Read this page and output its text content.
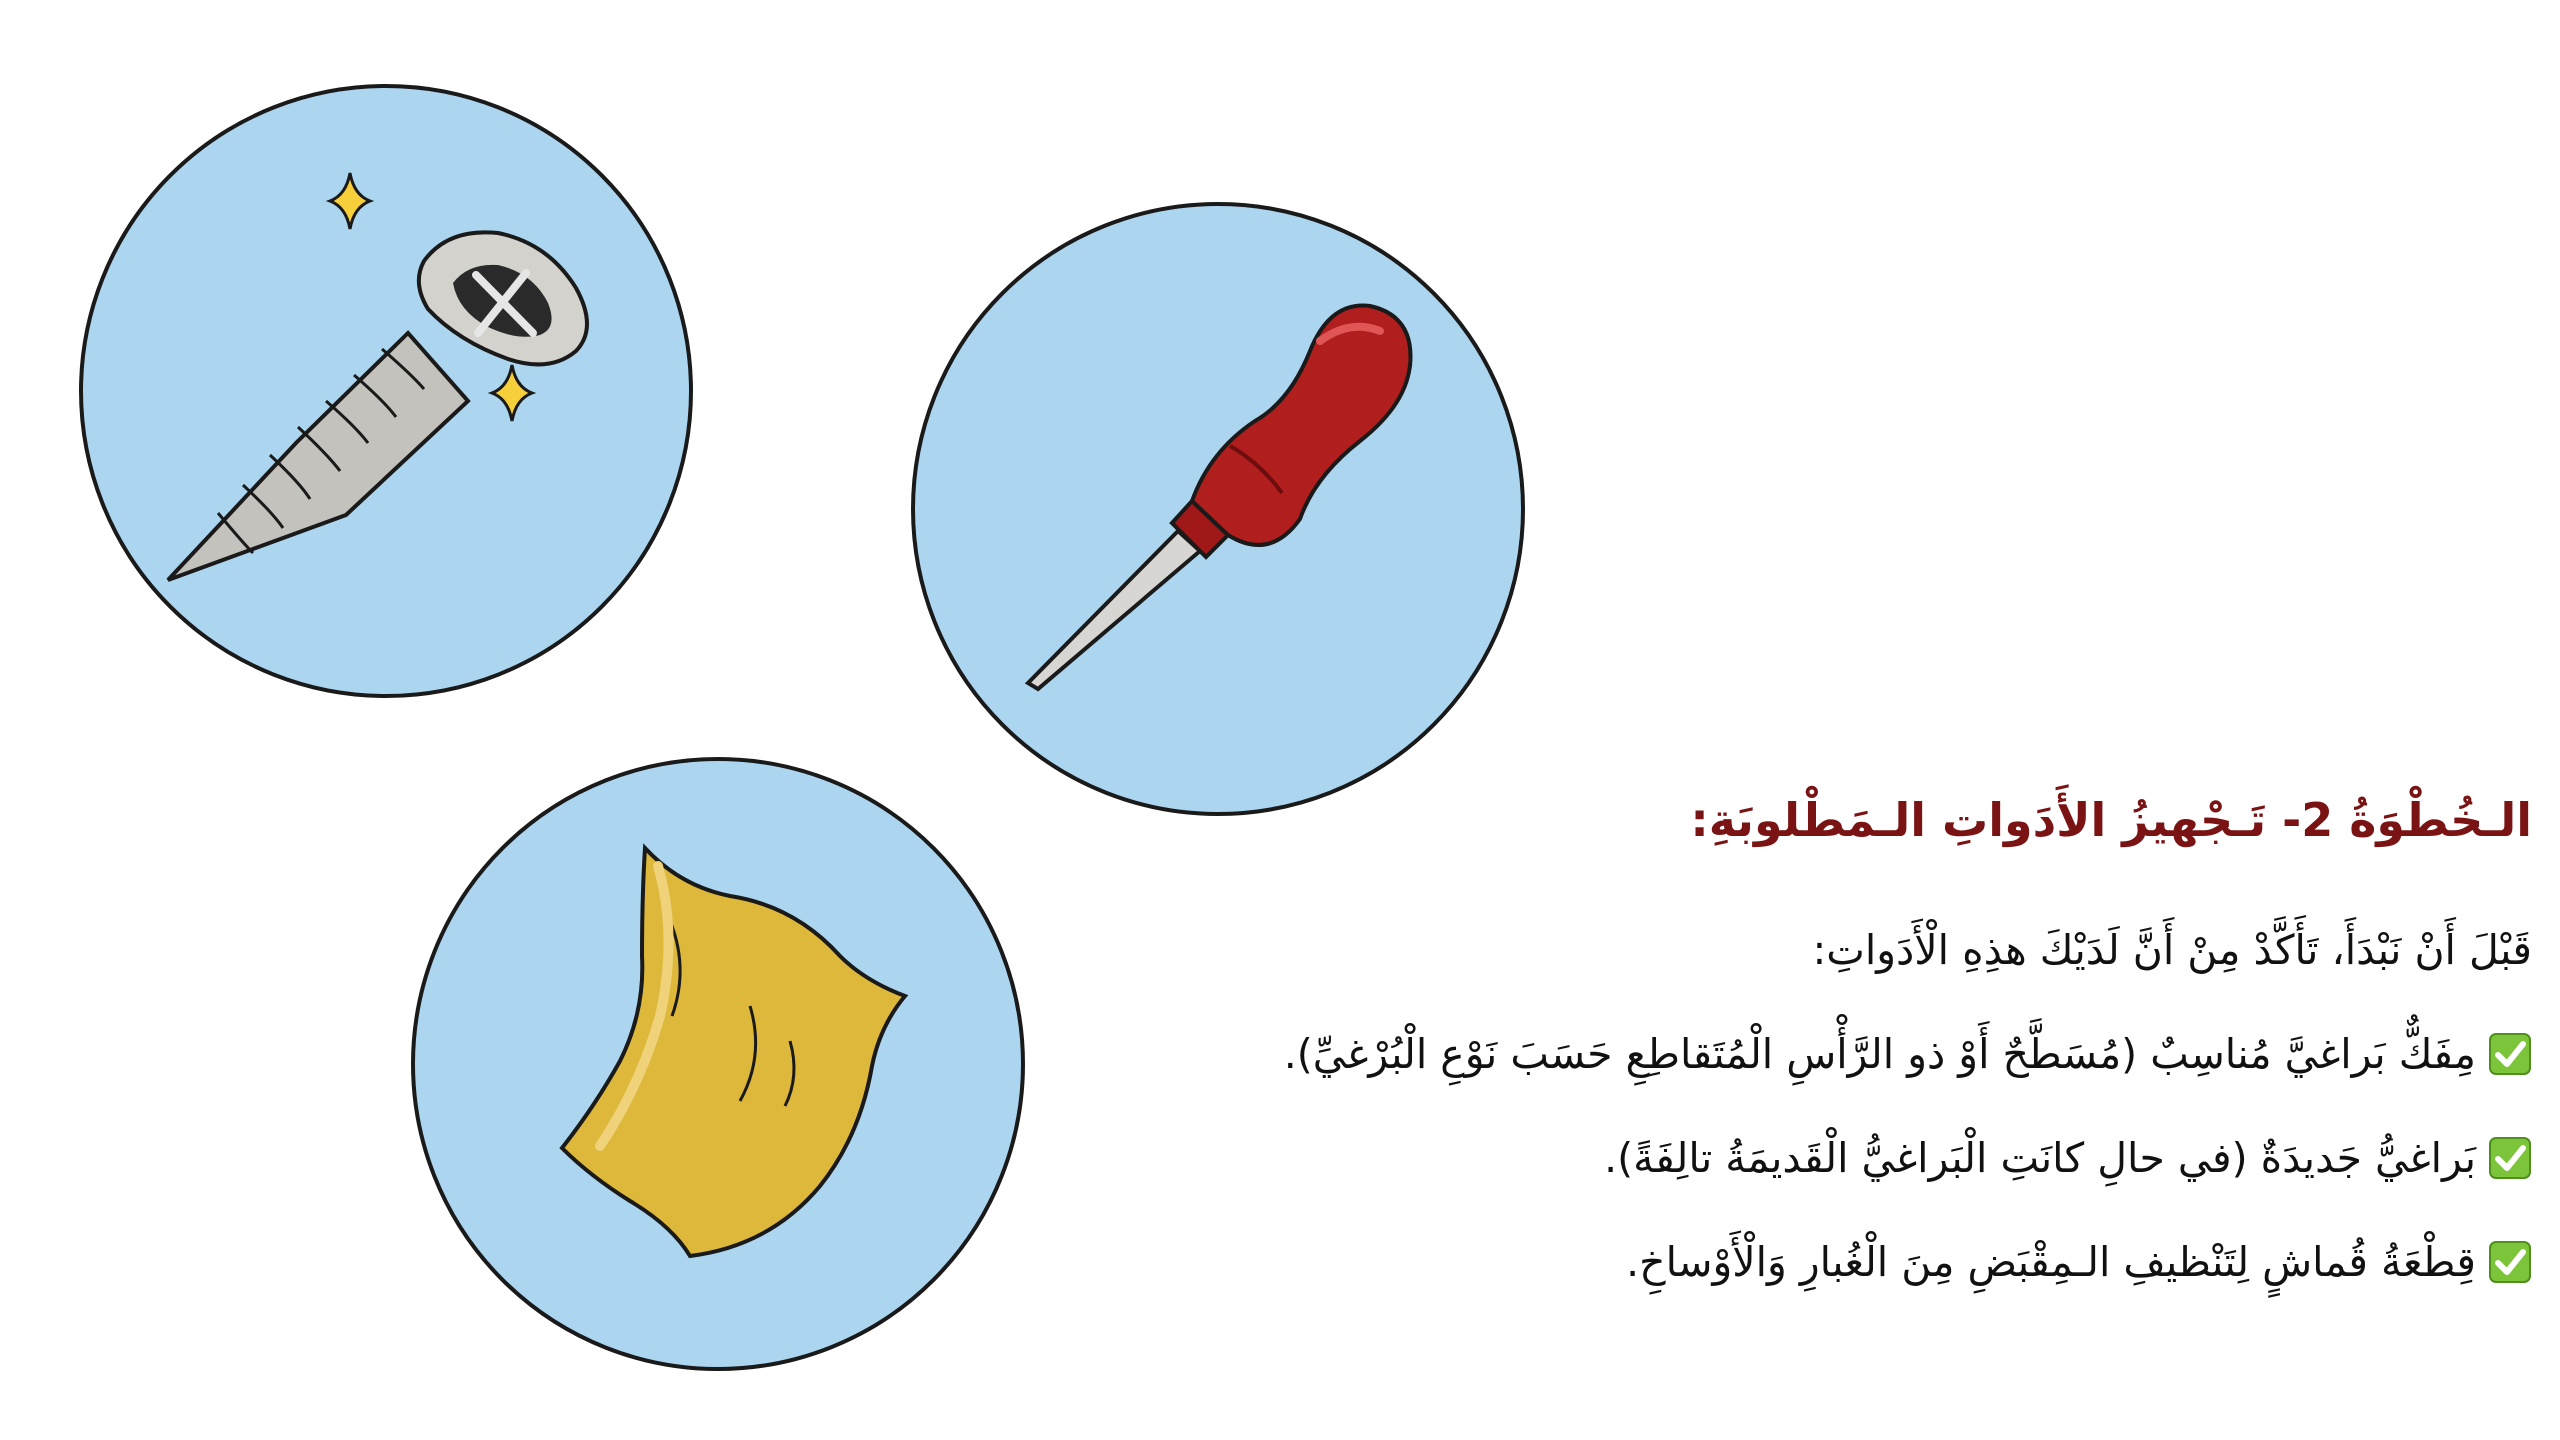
الـخُطْوَةُ 2- تَـجْهيزُ الأَدَواتِ الـمَطْلوبَةِ:

قَبْلَ أَنْ نَبْدَأَ، تَأَكَّدْ مِنْ أَنَّ لَدَيْكَ هذِهِ الْأَدَواتِ:

مِفَكٌّ بَراغيَّ مُناسِبٌ (مُسَطَّحٌ أَوْ ذو الرَّأْسِ الْمُتَقاطِعِ حَسَبَ نَوْعِ الْبُرْغيِّ).
بَراغيُّ جَديدَةٌ (في حالِ كانَتِ الْبَراغيُّ الْقَديمَةُ تالِفَةً).
قِطْعَةُ قُماشٍ لِتَنْظيفِ الـمِقْبَضِ مِنَ الْغُبارِ وَالْأَوْساخِ.
